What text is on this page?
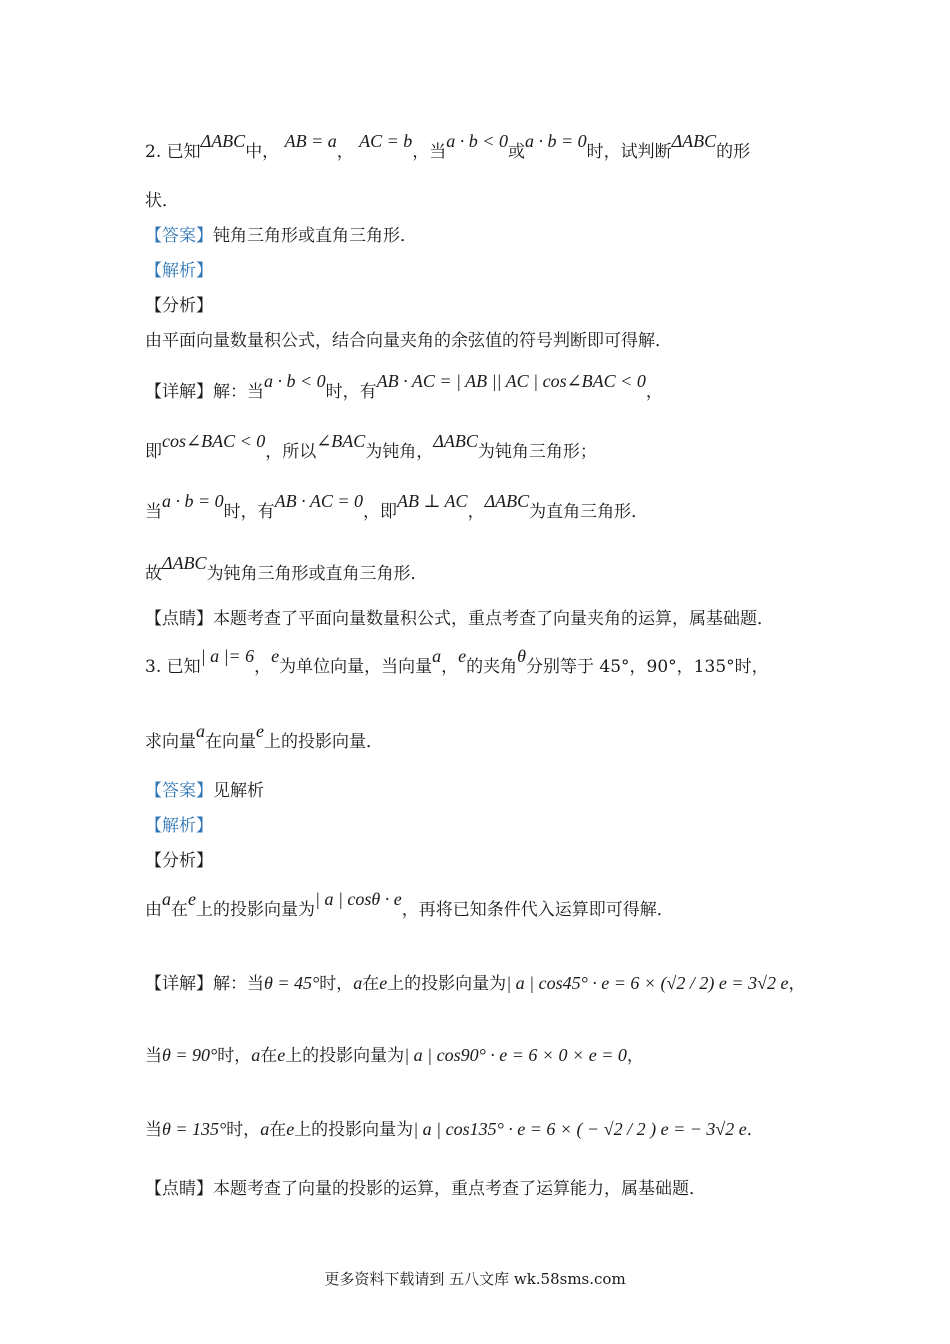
2. 已知ΔABC中， AB = a， AC = b，当a · b < 0或a · b = 0时，试判断ΔABC的形
状．
【答案】钝角三角形或直角三角形．
【解析】
【分析】
由平面向量数量积公式，结合向量夹角的余弦值的符号判断即可得解．
【详解】解：当a · b < 0时，有AB · AC = | AB || AC | cos∠BAC < 0，
即cos∠BAC < 0，所以∠BAC为钝角，ΔABC为钝角三角形；
当a · b = 0时，有AB · AC = 0，即AB ⊥ AC，ΔABC为直角三角形．
故ΔABC为钝角三角形或直角三角形．
【点睛】本题考查了平面向量数量积公式，重点考查了向量夹角的运算，属基础题．
3. 已知| a |= 6，e为单位向量，当向量a，e的夹角θ分别等于 45°，90°，135°时，
求向量a在向量e上的投影向量．
【答案】见解析
【解析】
【分析】
由a在e上的投影向量为| a | cosθ · e，再将已知条件代入运算即可得解．
【详解】解：当θ = 45°时，a在e上的投影向量为| a | cos45° · e = 6 × (√2 / 2) e = 3√2 e，
当θ = 90°时，a在e上的投影向量为| a | cos90° · e = 6 × 0 × e = 0，
当θ = 135°时，a在e上的投影向量为| a | cos135° · e = 6 × ( − √2 / 2 ) e = − 3√2 e．
【点睛】本题考查了向量的投影的运算，重点考查了运算能力，属基础题．
更多资料下载请到 五八文库 wk.58sms.com
